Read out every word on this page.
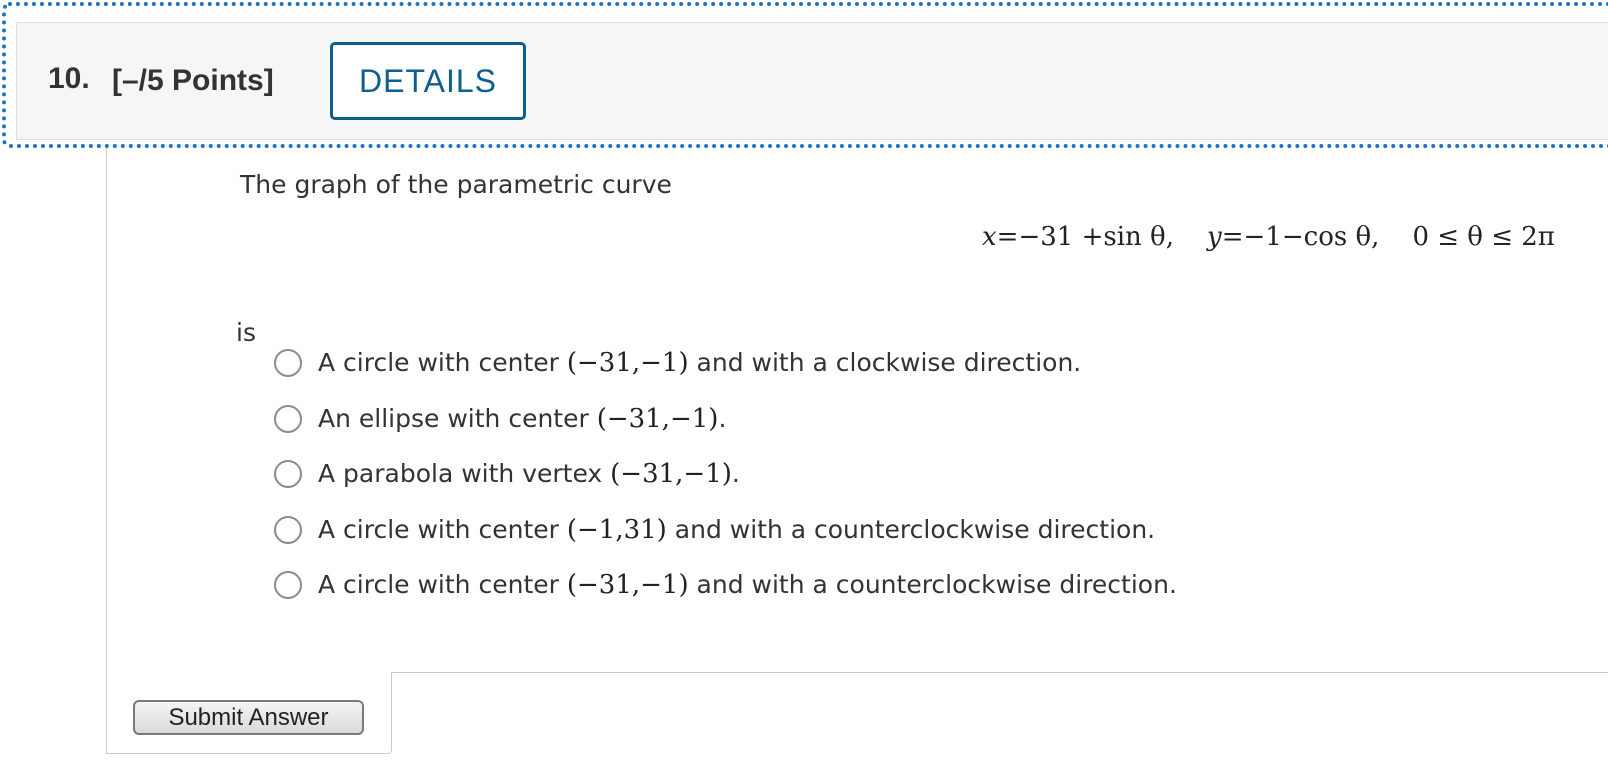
10. [–/5 Points]	DETAILS
The graph of the parametric curve
x=−31 +sin θ, y=−1−cos θ, 0 ≤ θ ≤ 2π
is
A circle with center (−31,−1) and with a clockwise direction.
An ellipse with center (−31,−1).
A parabola with vertex (−31,−1).
A circle with center (−1,31) and with a counterclockwise direction.
A circle with center (−31,−1) and with a counterclockwise direction.
Submit Answer
